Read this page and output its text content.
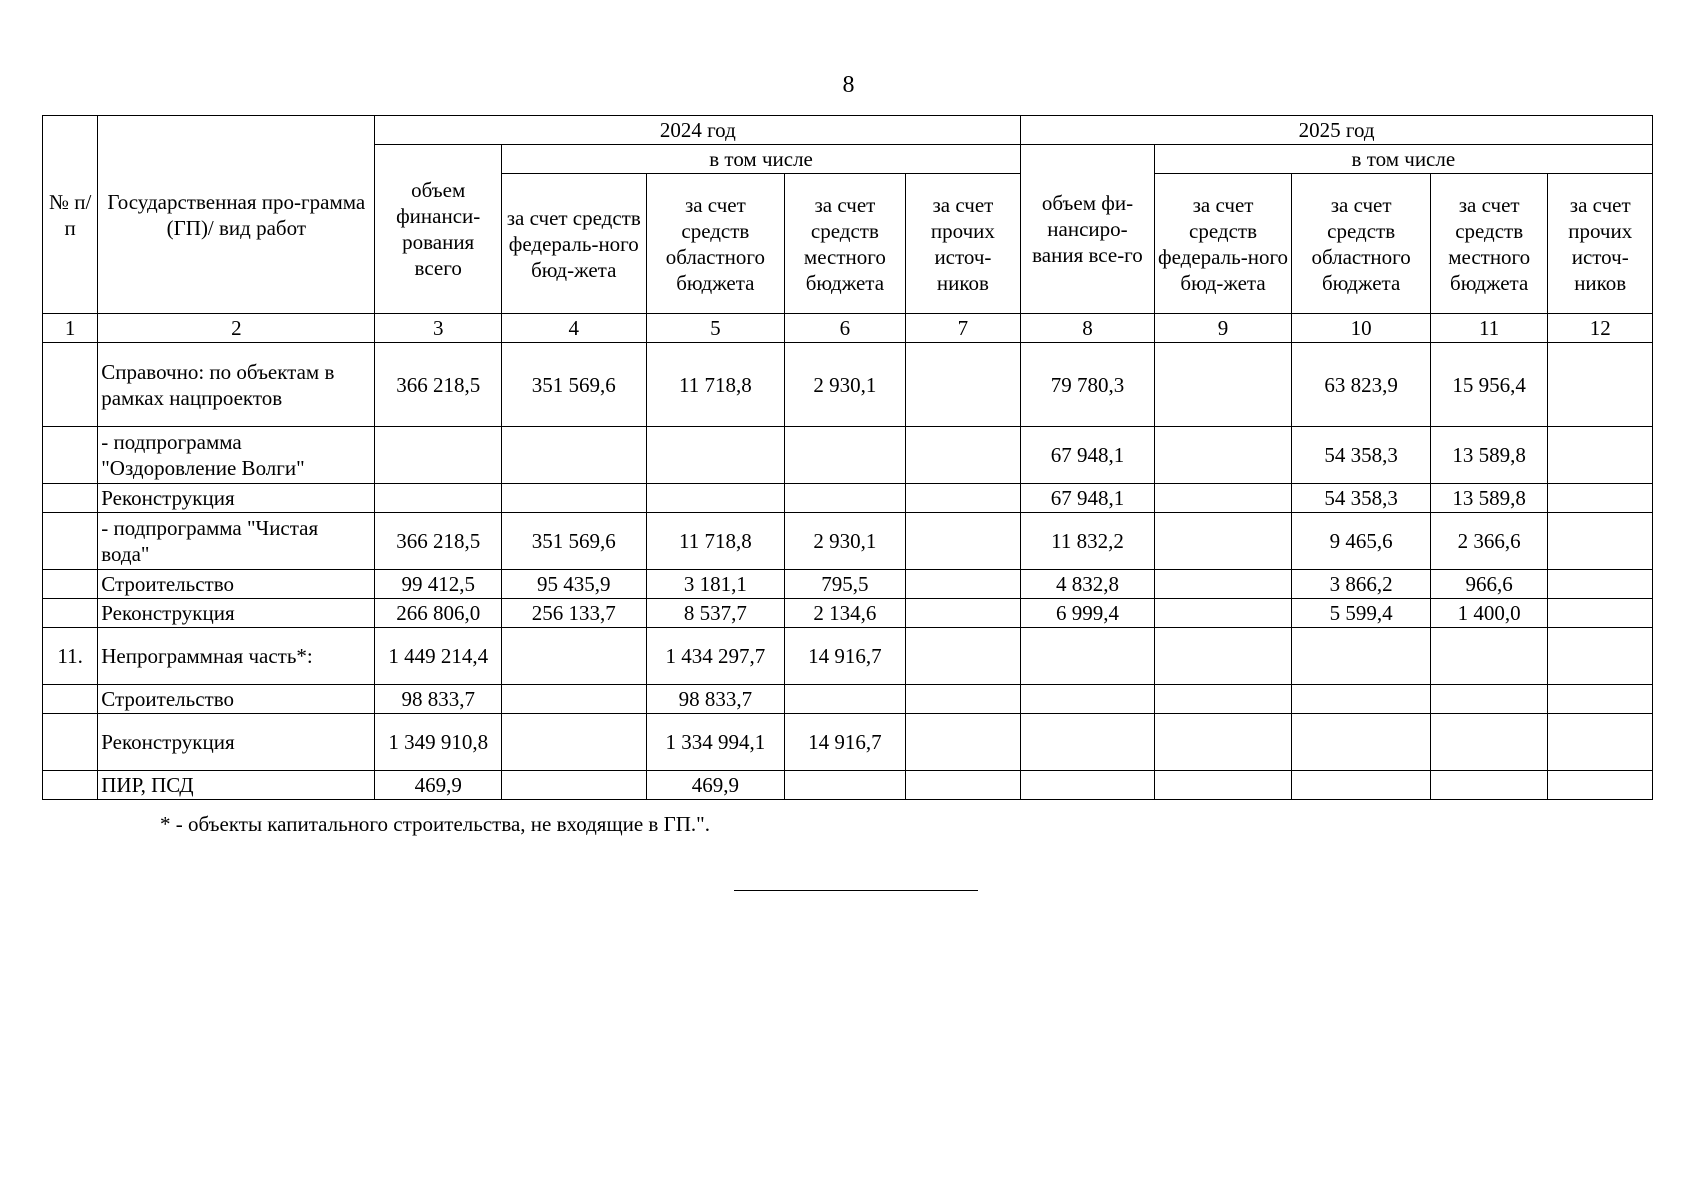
8
№ п/п	Государственная про-грамма (ГП)/ вид работ	2024 год					2025 год				
		объем финанси-рования всего	в том числе				объем фи-нансиро-вания все-го	в том числе			
			за счет средств федераль-ного бюд-жета	за счет средств областного бюджета	за счет средств местного бюджета	за счет прочих источ-ников		за счет средств федераль-ного бюд-жета	за счет средств областного бюджета	за счет средств местного бюджета	за счет прочих источ-ников
1	2	3	4	5	6	7	8	9	10	11	12
	Справочно: по объектам в рамках нацпроектов	366 218,5	351 569,6	11 718,8	2 930,1		79 780,3		63 823,9	15 956,4	
	- подпрограмма "Оздоровление Волги"						67 948,1		54 358,3	13 589,8	
	Реконструкция						67 948,1		54 358,3	13 589,8	
	- подпрограмма "Чистая вода"	366 218,5	351 569,6	11 718,8	2 930,1		11 832,2		9 465,6	2 366,6	
	Строительство	99 412,5	95 435,9	3 181,1	795,5		4 832,8		3 866,2	966,6	
	Реконструкция	266 806,0	256 133,7	8 537,7	2 134,6		6 999,4		5 599,4	1 400,0	
11.	Непрограммная часть*:	1 449 214,4		1 434 297,7	14 916,7						
	Строительство	98 833,7		98 833,7							
	Реконструкция	1 349 910,8		1 334 994,1	14 916,7						
	ПИР, ПСД	469,9		469,9							
* - объекты капитального строительства, не входящие в ГП.".
